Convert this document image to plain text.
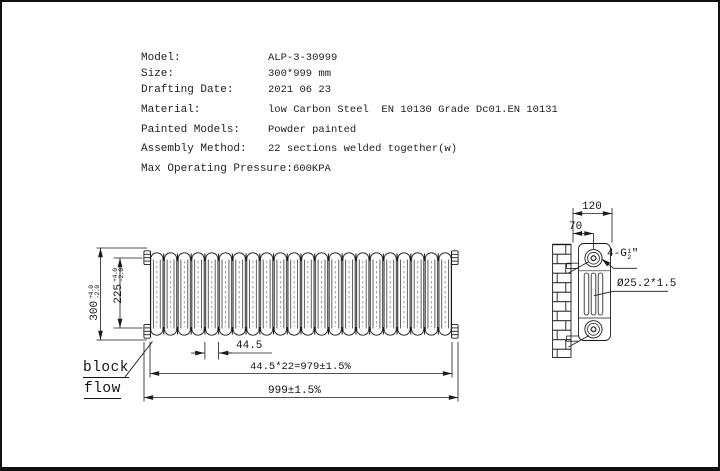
Model:	ALP-3-30999
Size:	300*999 mm
Drafting Date:	2021 06 23
Material:	low Carbon Steel  EN 10130 Grade Dc01.EN 10131
Painted Models:	Powder painted
Assembly Method: 22 sections welded together(w)
Max Operating Pressure: 600KPA
300
+4.0 -2.0 225
+4.0 -2.0
44.5
44.5*22=979±1.5%
999±1.5%
block
flow
120
70
4-G 1
2 "
Ø25.2*1.5
